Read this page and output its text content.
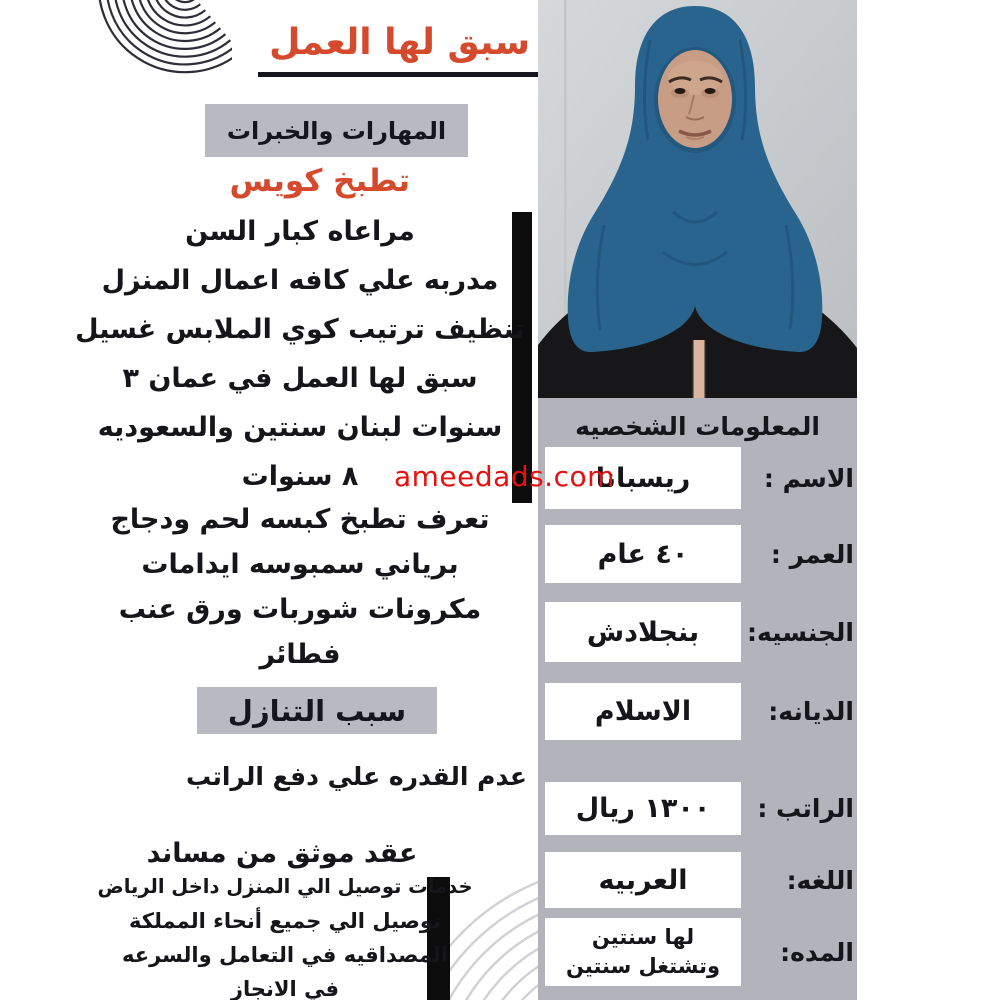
سبق لها العمل
المهارات والخبرات
تطبخ كويس
مراعاه كبار السن
مدربه علي كافه اعمال المنزل
تنظيف ترتيب كوي الملابس غسيل
سبق لها العمل في عمان ٣
سنوات لبنان سنتين والسعوديه
٨ سنوات
تعرف تطبخ كبسه لحم ودجاج
برياني سمبوسه ايدامات
مكرونات شوربات ورق عنب
فطائر
سبب التنازل
عدم القدره علي دفع الراتب
عقد موثق من مساند
خدمات توصيل الي المنزل داخل الرياض
توصيل الي جميع أنحاء المملكة
المصداقيه في التعامل والسرعه
في الانجاز
المعلومات الشخصيه
ريسبانا	الاسم :
٤٠ عام	العمر :
بنجلادش الجنسيه:
الاسلام	الديانه:
١٣٠٠ ريال الراتب :
العربيه	اللغه:
لها سنتين وتشتغل سنتين	المده:
ameedads.com
